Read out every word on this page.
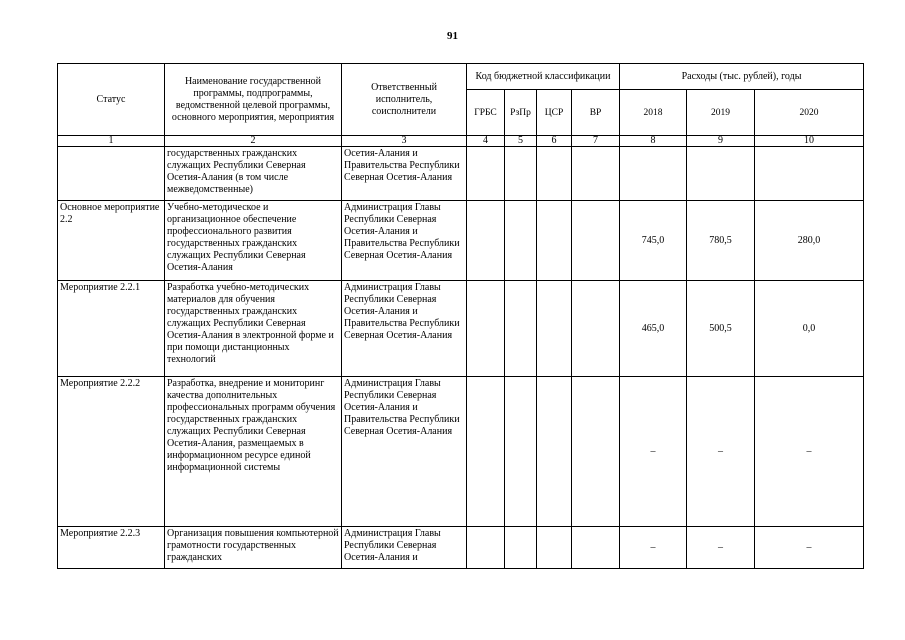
91
Статус	Наименование государственной программы, подпрограммы, ведомственной целевой программы, основного мероприятия, мероприятия	Ответственный исполнитель, соисполнители	Код бюджетной классификации				Расходы (тыс. рублей), годы		
			ГРБС	РзПр	ЦСР	ВР	2018	2019	2020
1	2	3	4	5	6	7	8	9	10
	государственных гражданских служащих Республики Северная Осетия-Алания (в том числе межведомственные)	Осетия-Алания и Правительства Республики Северная Осетия-Алания							
Основное мероприятие 2.2	Учебно-методическое и организационное обеспечение профессионального развития государственных гражданских служащих Республики Северная Осетия-Алания	Администрация Главы Республики Северная Осетия-Алания и Правительства Республики Северная Осетия-Алания					745,0	780,5	280,0
Мероприятие 2.2.1	Разработка учебно-методических материалов для обучения государственных гражданских служащих Республики Северная Осетия-Алания в электронной форме и при помощи дистанционных технологий	Администрация Главы Республики Северная Осетия-Алания и Правительства Республики Северная Осетия-Алания					465,0	500,5	0,0
Мероприятие 2.2.2	Разработка, внедрение и мониторинг качества дополнительных профессиональных программ обучения государственных гражданских служащих Республики Северная Осетия-Алания, размещаемых в информационном ресурсе единой информационной системы	Администрация Главы Республики Северная Осетия-Алания и Правительства Республики Северная Осетия-Алания					–	–	–
Мероприятие 2.2.3	Организация повышения компьютерной грамотности государственных гражданских	Администрация Главы Республики Северная Осетия-Алания и					–	–	–
